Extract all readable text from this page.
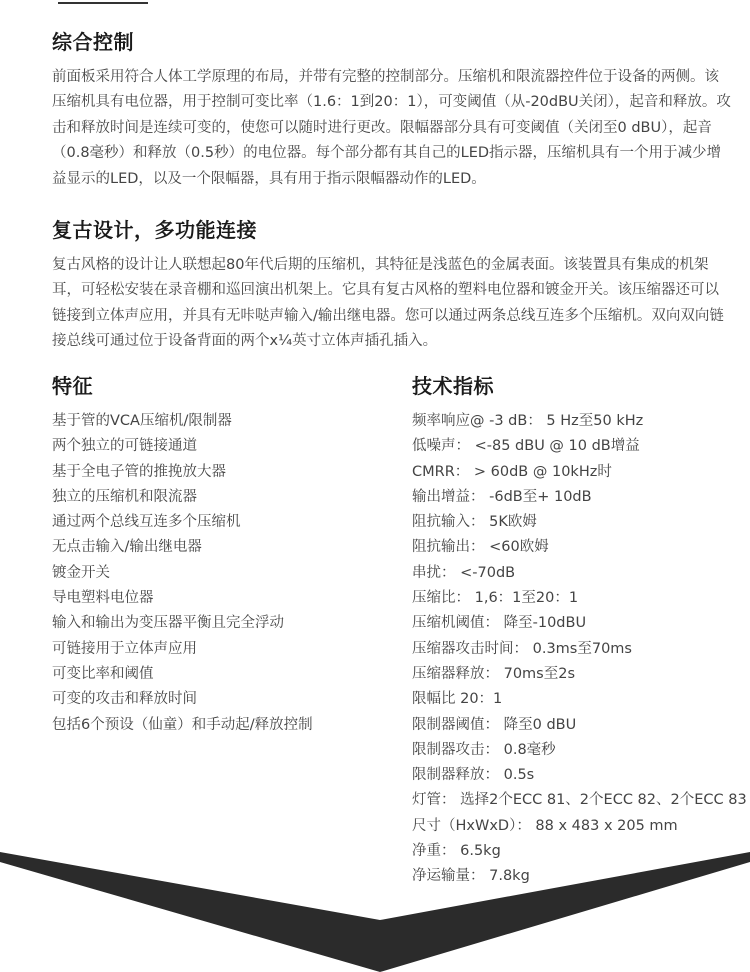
综合控制
前面板采用符合人体工学原理的布局，并带有完整的控制部分。压缩机和限流器控件位于设备的两侧。该压缩机具有电位器，用于控制可变比率（1.6：1到20：1），可变阈值（从-20dBU关闭），起音和释放。攻击和释放时间是连续可变的，使您可以随时进行更改。限幅器部分具有可变阈值（关闭至0 dBU），起音（0.8毫秒）和释放（0.5秒）的电位器。每个部分都有其自己的LED指示器，压缩机具有一个用于减少增益显示的LED，以及一个限幅器，具有用于指示限幅器动作的LED。
复古设计，多功能连接
复古风格的设计让人联想起80年代后期的压缩机，其特征是浅蓝色的金属表面。该装置具有集成的机架耳，可轻松安装在录音棚和巡回演出机架上。它具有复古风格的塑料电位器和镀金开关。该压缩器还可以链接到立体声应用，并具有无咔哒声输入/输出继电器。您可以通过两条总线互连多个压缩机。双向双向链接总线可通过位于设备背面的两个x¼英寸立体声插孔插入。
特征
基于管的VCA压缩机/限制器
两个独立的可链接通道
基于全电子管的推挽放大器
独立的压缩机和限流器
通过两个总线互连多个压缩机
无点击输入/输出继电器
镀金开关
导电塑料电位器
输入和输出为变压器平衡且完全浮动
可链接用于立体声应用
可变比率和阈值
可变的攻击和释放时间
包括6个预设（仙童）和手动起/释放控制
技术指标
频率响应@ -3 dB： 5 Hz至50 kHz
低噪声： <-85 dBU @ 10 dB增益
CMRR： > 60dB @ 10kHz时
输出增益： -6dB至+ 10dB
阻抗输入： 5K欧姆
阻抗输出： <60欧姆
串扰： <-70dB
压缩比： 1,6：1至20：1
压缩机阈值： 降至-10dBU
压缩器攻击时间： 0.3ms至70ms
压缩器释放： 70ms至2s
限幅比 20：1
限制器阈值： 降至0 dBU
限制器攻击： 0.8毫秒
限制器释放： 0.5s
灯管： 选择2个ECC 81、2个ECC 82、2个ECC 83
尺寸（HxWxD）： 88 x 483 x 205 mm
净重： 6.5kg
净运输量： 7.8kg
